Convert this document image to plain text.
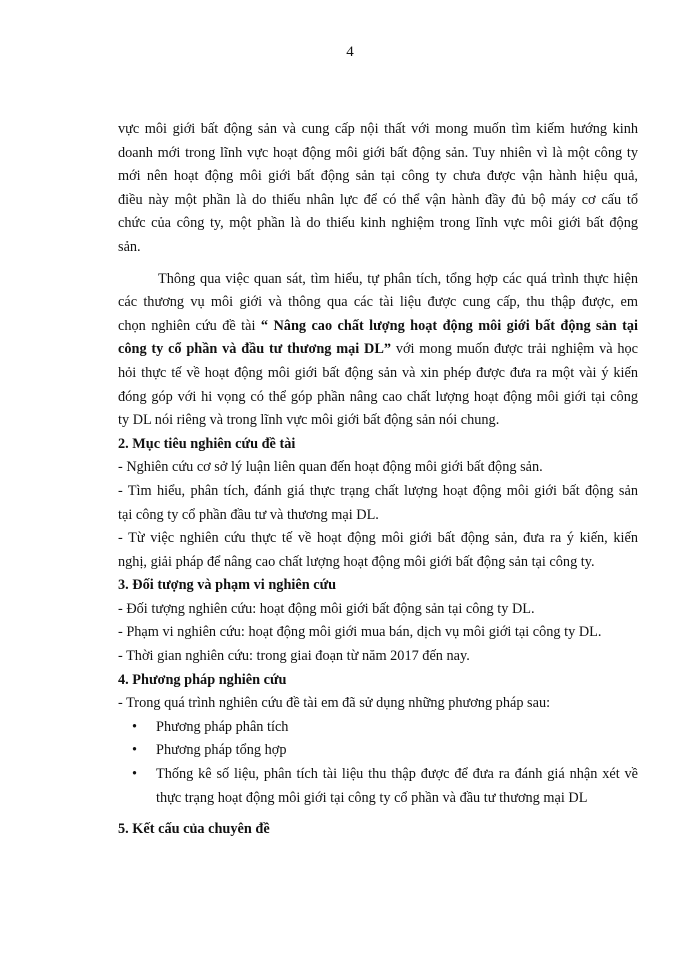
4
vực môi giới bất động sản và cung cấp nội thất với mong muốn tìm kiếm hướng kinh
doanh mới trong lĩnh vực hoạt động môi giới bất động sản. Tuy nhiên vì là một công ty
mới nên hoạt động môi giới bất động sản tại công ty chưa được vận hành hiệu quả,
điều này một phần là do thiếu nhân lực để có thể vận hành đầy đủ bộ máy cơ cấu tổ
chức của công ty, một phần là do thiếu kinh nghiệm trong lĩnh vực môi giới bất động
sản.
Thông qua việc quan sát, tìm hiểu, tự phân tích, tổng hợp các quá trình thực hiện
các thương vụ môi giới và thông qua các tài liệu được cung cấp, thu thập được, em
chọn nghiên cứu đề tài “ Nâng cao chất lượng hoạt động môi giới bất động sản tại
công ty cổ phần và đầu tư thương mại DL” với mong muốn được trải nghiệm và học
hỏi thực tế về hoạt động môi giới bất động sản và xin phép được đưa ra một vài ý kiến
đóng góp với hi vọng có thể góp phần nâng cao chất lượng hoạt động môi giới tại công
ty DL nói riêng và trong lĩnh vực môi giới bất động sản nói chung.
2. Mục tiêu nghiên cứu đề tài
- Nghiên cứu cơ sở lý luận liên quan đến hoạt động môi giới bất động sản.
- Tìm hiểu, phân tích, đánh giá thực trạng chất lượng hoạt động môi giới bất động sản
tại công ty cổ phần đầu tư và thương mại DL.
- Từ việc nghiên cứu thực tế về hoạt động môi giới bất động sản, đưa ra ý kiến, kiến
nghị, giải pháp để nâng cao chất lượng hoạt động môi giới bất động sản tại công ty.
3. Đối tượng và phạm vi nghiên cứu
- Đối tượng nghiên cứu: hoạt động môi giới bất động sản tại công ty DL.
- Phạm vi nghiên cứu: hoạt động môi giới mua bán, dịch vụ môi giới tại công ty DL.
- Thời gian nghiên cứu: trong giai đoạn từ năm 2017 đến nay.
4. Phương pháp nghiên cứu
- Trong quá trình nghiên cứu đề tài em đã sử dụng những phương pháp sau:
• Phương pháp phân tích
• Phương pháp tổng hợp
• Thống kê số liệu, phân tích tài liệu thu thập được để đưa ra đánh giá nhận xét về
thực trạng hoạt động môi giới tại công ty cổ phần và đầu tư thương mại DL
5. Kết cấu của chuyên đề
